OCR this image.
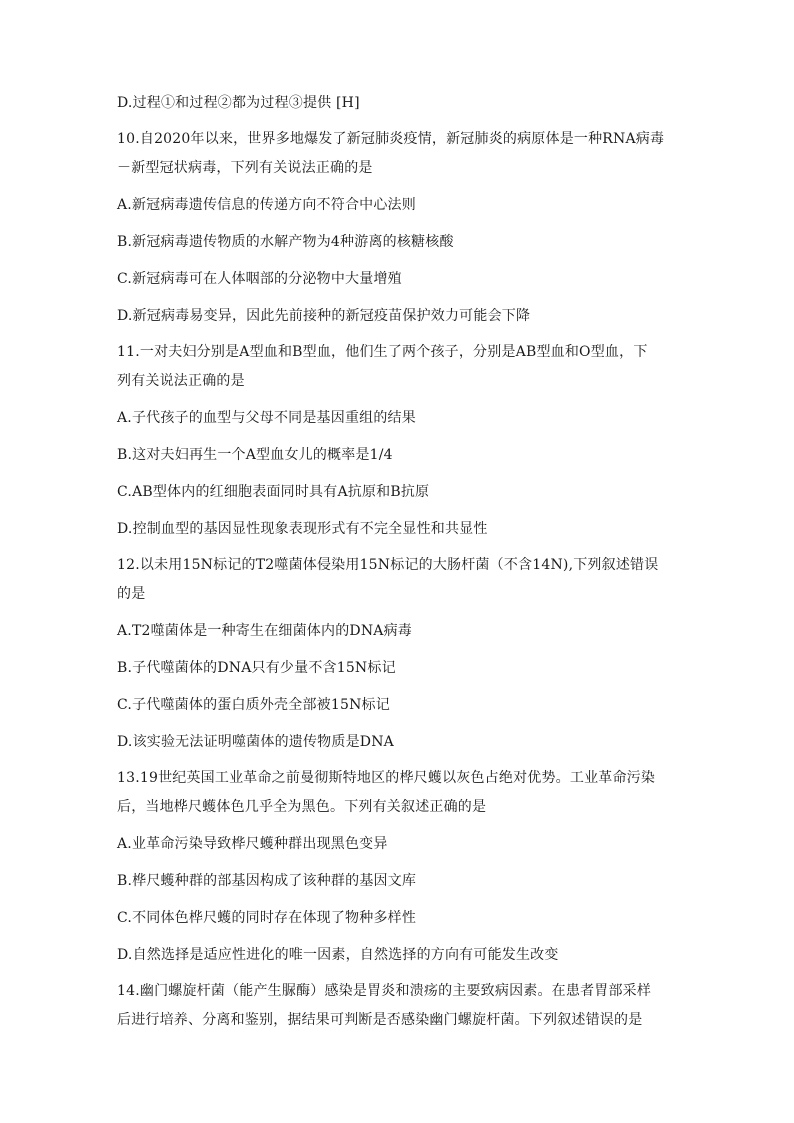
D.过程①和过程②都为过程③提供 [H]
10.自2020年以来，世界多地爆发了新冠肺炎疫情，新冠肺炎的病原体是一种RNA病毒
－新型冠状病毒，下列有关说法正确的是
A.新冠病毒遗传信息的传递方向不符合中心法则
B.新冠病毒遗传物质的水解产物为4种游离的核糖核酸
C.新冠病毒可在人体咽部的分泌物中大量增殖
D.新冠病毒易变异，因此先前接种的新冠疫苗保护效力可能会下降
11.一对夫妇分别是A型血和B型血，他们生了两个孩子，分别是AB型血和O型血，下
列有关说法正确的是
A.子代孩子的血型与父母不同是基因重组的结果
B.这对夫妇再生一个A型血女儿的概率是1/4
C.AB型体内的红细胞表面同时具有A抗原和B抗原
D.控制血型的基因显性现象表现形式有不完全显性和共显性
12.以未用15N标记的T2噬菌体侵染用15N标记的大肠杆菌（不含14N),下列叙述错误
的是
A.T2噬菌体是一种寄生在细菌体内的DNA病毒
B.子代噬菌体的DNA只有少量不含15N标记
C.子代噬菌体的蛋白质外壳全部被15N标记
D.该实验无法证明噬菌体的遗传物质是DNA
13.19世纪英国工业革命之前曼彻斯特地区的桦尺蠖以灰色占绝对优势。工业革命污染
后，当地桦尺蠖体色几乎全为黑色。下列有关叙述正确的是
A.业革命污染导致桦尺蠖种群出现黑色变异
B.桦尺蠖种群的部基因构成了该种群的基因文库
C.不同体色桦尺蠖的同时存在体现了物种多样性
D.自然选择是适应性进化的唯一因素，自然选择的方向有可能发生改变
14.幽门螺旋杆菌（能产生脲酶）感染是胃炎和溃疡的主要致病因素。在患者胃部采样
后进行培养、分离和鉴别，据结果可判断是否感染幽门螺旋杆菌。下列叙述错误的是
